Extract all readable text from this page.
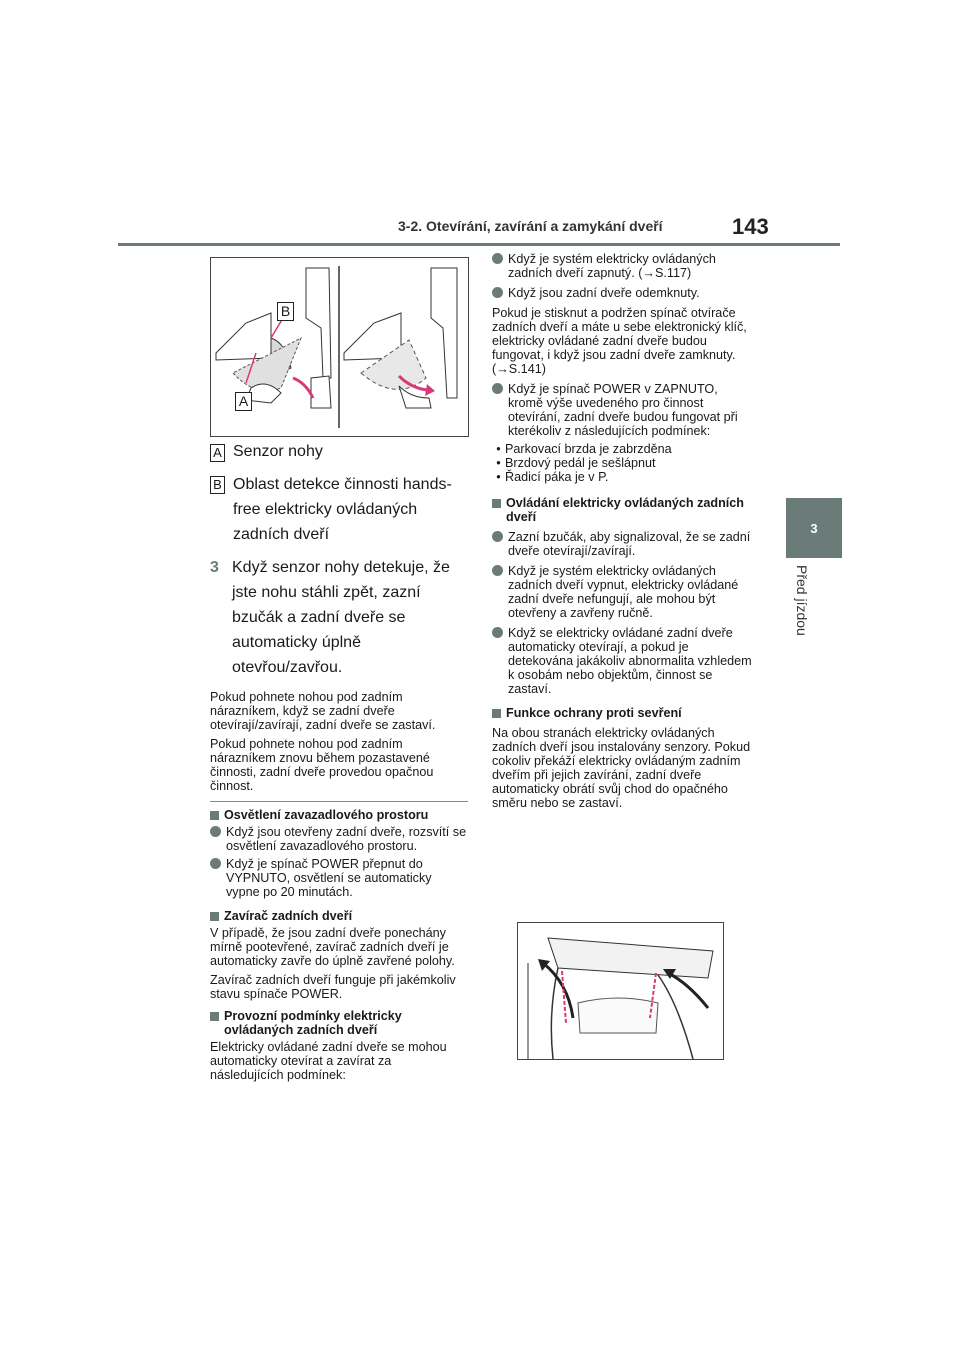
3-2. Otevírání, zavírání a zamykání dveří	143
3
Před jízdou
B
A
A Senzor nohy
B Oblast detekce činnosti hands-free elektricky ovládaných zadních dveří
3 Když senzor nohy detekuje, že jste nohu stáhli zpět, zazní bzučák a zadní dveře se automaticky úplně otevřou/zavřou.

Pokud pohnete nohou pod zadním nárazníkem, když se zadní dveře otevírají/zavírají, zadní dveře se zastaví.

Pokud pohnete nohou pod zadním nárazníkem znovu během pozastavené činnosti, zadní dveře provedou opačnou činnost.

Osvětlení zavazadlového prostoru
Když jsou otevřeny zadní dveře, rozsvítí se osvětlení zavazadlového prostoru.
Když je spínač POWER přepnut do VYPNUTO, osvětlení se automaticky vypne po 20 minutách.
Zavírač zadních dveří

V případě, že jsou zadní dveře ponechány mírně pootevřené, zavírač zadních dveří je automaticky zavře do úplně zavřené polohy.

Zavírač zadních dveří funguje při jakémkoliv stavu spínače POWER.

Provozní podmínky elektricky ovládaných zadních dveří

Elektricky ovládané zadní dveře se mohou automaticky otevírat a zavírat za následujících podmínek:

Když je systém elektricky ovládaných zadních dveří zapnutý. (→S.117)
Když jsou zadní dveře odemknuty.

Pokud je stisknut a podržen spínač otvírače zadních dveří a máte u sebe elektronický klíč, elektricky ovládané zadní dveře budou fungovat, i když jsou zadní dveře zamknuty. (→S.141)

Když je spínač POWER v ZAPNUTO, kromě výše uvedeného pro činnost otevírání, zadní dveře budou fungovat při kterékoliv z následujících podmínek:
• Parkovací brzda je zabrzděna
• Brzdový pedál je sešlápnut
• Řadicí páka je v P.
Ovládání elektricky ovládaných zadních dveří
Zazní bzučák, aby signalizoval, že se zadní dveře otevírají/zavírají.
Když je systém elektricky ovládaných zadních dveří vypnut, elektricky ovládané zadní dveře nefungují, ale mohou být otevřeny a zavřeny ručně.
Když se elektricky ovládané zadní dveře automaticky otevírají, a pokud je detekována jakákoliv abnormalita vzhledem k osobám nebo objektům, činnost se zastaví.
Funkce ochrany proti sevření

Na obou stranách elektricky ovládaných zadních dveří jsou instalovány senzory. Pokud cokoliv překáží elektricky ovládaným zadním dveřím při jejich zavírání, zadní dveře automaticky obrátí svůj chod do opačného směru nebo se zastaví.
